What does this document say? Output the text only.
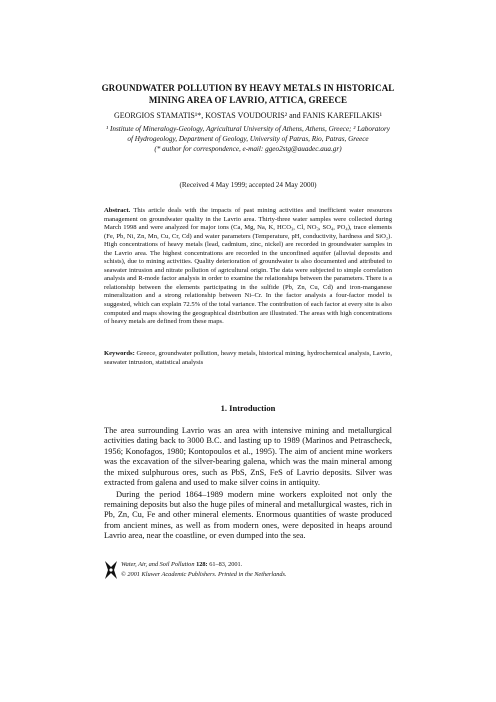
GROUNDWATER POLLUTION BY HEAVY METALS IN HISTORICAL
MINING AREA OF LAVRIO, ATTICA, GREECE
GEORGIOS STAMATIS¹*, KOSTAS VOUDOURIS² and FANIS KAREFILAKIS¹
¹ Institute of Mineralogy-Geology, Agricultural University of Athens, Athens, Greece; ² Laboratory
of Hydrogeology, Department of Geology, University of Patras, Rio, Patras, Greece
(* author for correspondence, e-mail: ggeo2stg@auadec.aua.gr)
(Received 4 May 1999; accepted 24 May 2000)
Abstract. This article deals with the impacts of past mining activities and inefficient water resources management on groundwater quality in the Lavrio area. Thirty-three water samples were collected during March 1998 and were analyzed for major ions (Ca, Mg, Na, K, HCO₃, Cl, NO₃, SO₄, PO₄), trace elements (Fe, Pb, Ni, Zn, Mn, Cu, Cr, Cd) and water parameters (Temperature, pH, conductivity, hardness and SiO₂). High concentrations of heavy metals (lead, cadmium, zinc, nickel) are recorded in groundwater samples in the Lavrio area. The highest concentrations are recorded in the unconfined aquifer (alluvial deposits and schists), due to mining activities. Quality deterioration of groundwater is also documented and attributed to seawater intrusion and nitrate pollution of agricultural origin. The data were subjected to simple correlation analysis and R-mode factor analysis in order to examine the relationships between the parameters. There is a relationship between the elements participating in the sulfide (Pb, Zn, Cu, Cd) and iron-manganese mineralization and a strong relationship between Ni–Cr. In the factor analysis a four-factor model is suggested, which can explain 72.5% of the total variance. The contribution of each factor at every site is also computed and maps showing the geographical distribution are illustrated. The areas with high concentrations of heavy metals are defined from these maps.
Keywords: Greece, groundwater pollution, heavy metals, historical mining, hydrochemical analysis, Lavrio, seawater intrusion, statistical analysis
1. Introduction

The area surrounding Lavrio was an area with intensive mining and metallurgical activities dating back to 3000 B.C. and lasting up to 1989 (Marinos and Petrascheck, 1956; Konofagos, 1980; Kontopoulos et al., 1995). The aim of ancient mine workers was the excavation of the silver-bearing galena, which was the main mineral among the mixed sulphurous ores, such as PbS, ZnS, FeS of Lavrio deposits. Silver was extracted from galena and used to make silver coins in antiquity.

During the period 1864–1989 modern mine workers exploited not only the remaining deposits but also the huge piles of mineral and metallurgical wastes, rich in Pb, Zn, Cu, Fe and other mineral elements. Enormous quantities of waste produced from ancient mines, as well as from modern ones, were deposited in heaps around Lavrio area, near the coastline, or even dumped into the sea.

Water, Air, and Soil Pollution 128: 61–83, 2001.
© 2001 Kluwer Academic Publishers. Printed in the Netherlands.
